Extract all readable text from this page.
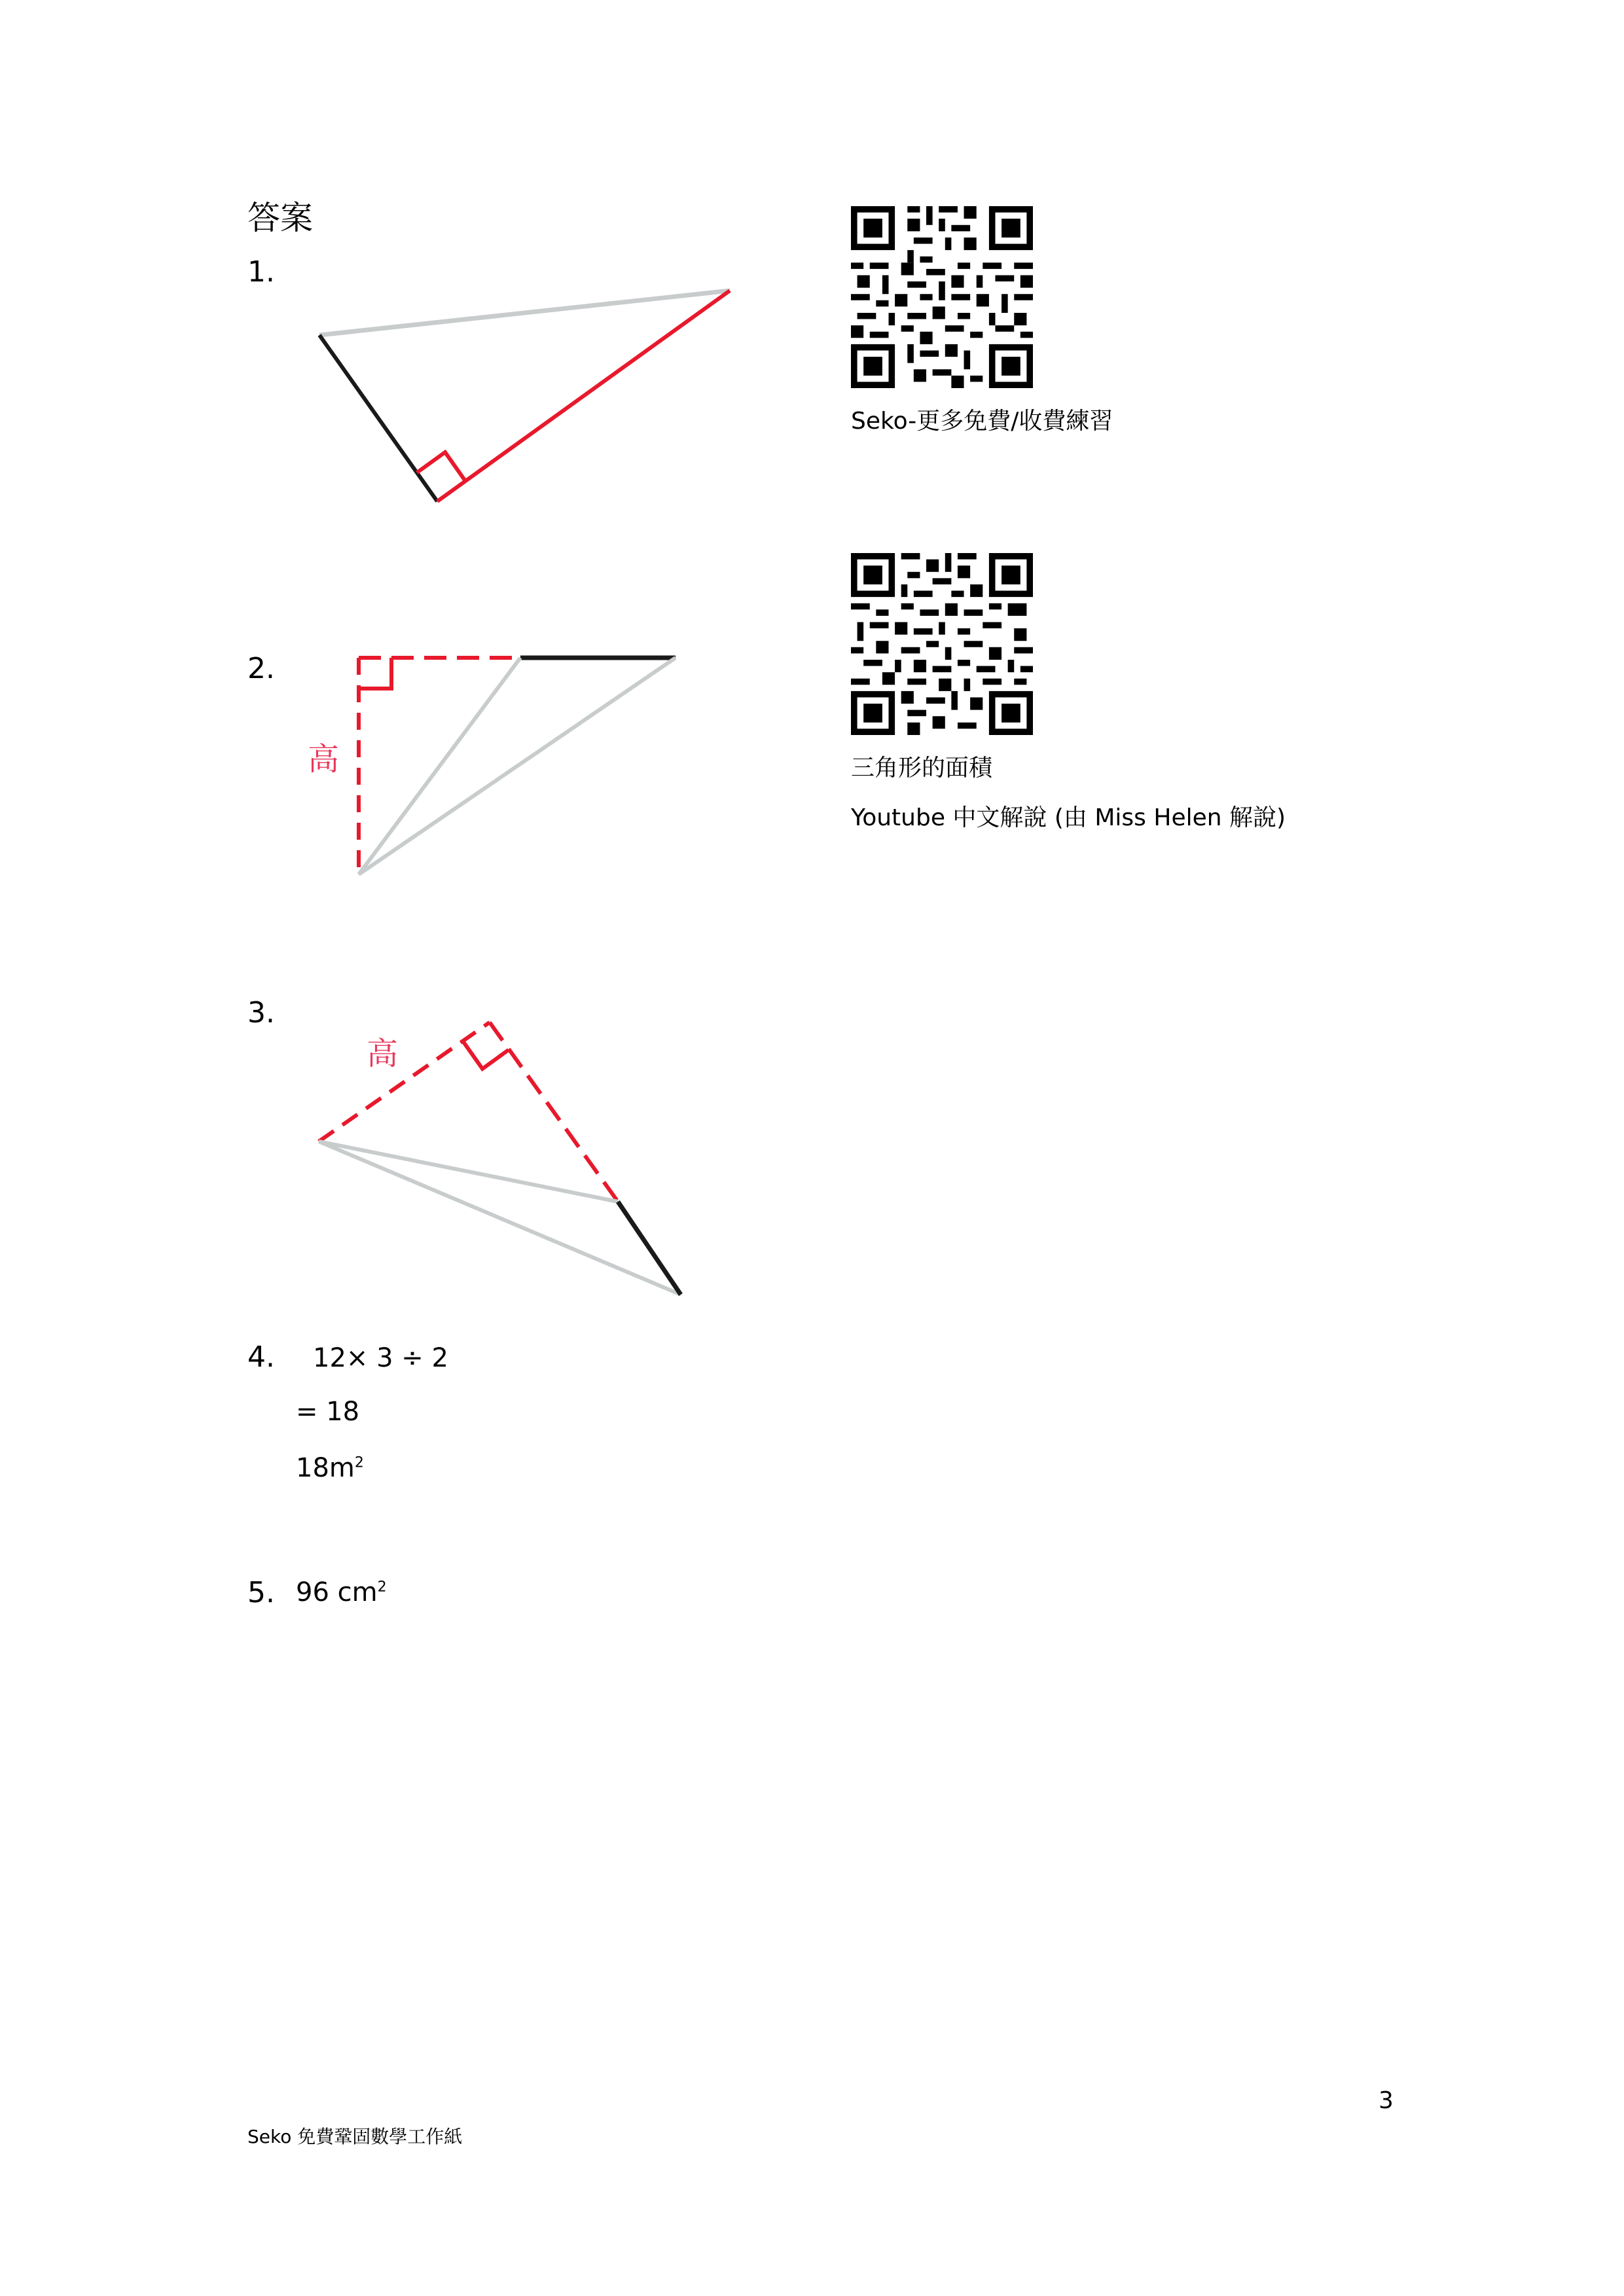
答案
1.
2.
高
3.
高
4. 12× 3 ÷ 2
= 18
$18m^2$
5. 96 $cm^2$
Seko-更多免費/收費練習
三角形的面積
Youtube 中文解說 (由 Miss Helen 解說)
3
Seko 免費鞏固數學工作紙
